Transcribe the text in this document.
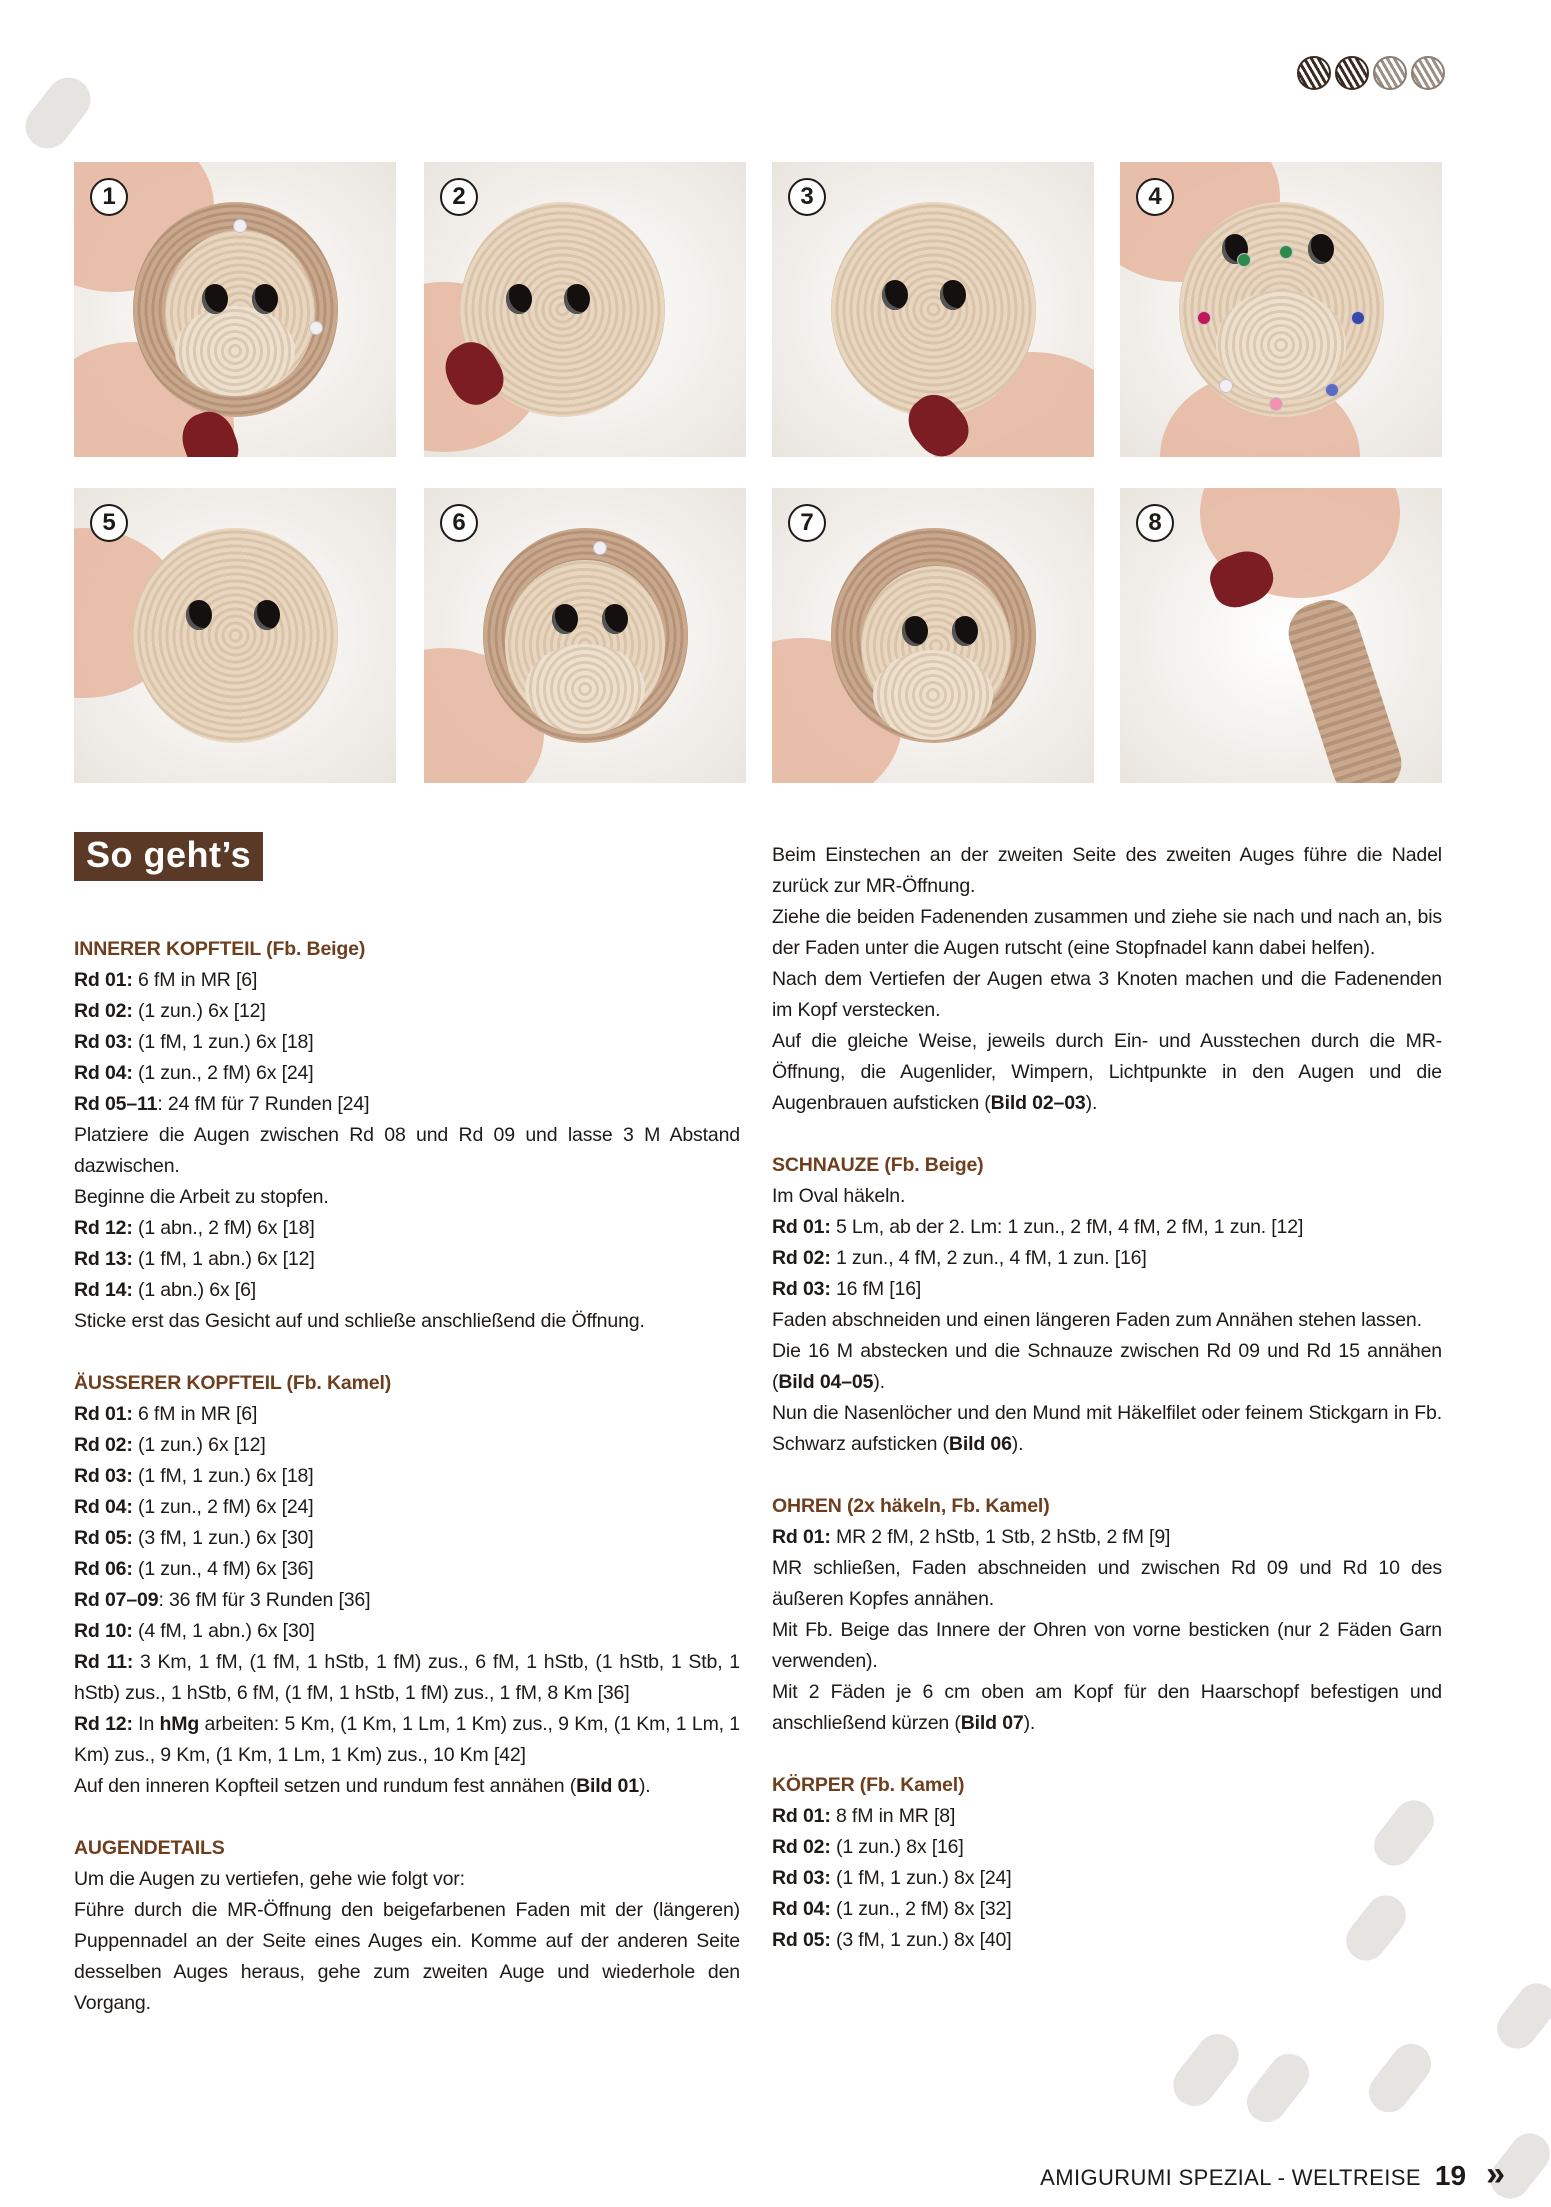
1	2	3	4
5	6	7	8
So geht’s

INNERER KOPFTEIL (Fb. Beige)

Rd 01: 6 fM in MR [6]

Rd 02: (1 zun.) 6x [12]

Rd 03: (1 fM, 1 zun.) 6x [18]

Rd 04: (1 zun., 2 fM) 6x [24]

Rd 05–11: 24 fM für 7 Runden [24]

Platziere die Augen zwischen Rd 08 und Rd 09 und lasse 3 M Abstand dazwischen.

Beginne die Arbeit zu stopfen.

Rd 12: (1 abn., 2 fM) 6x [18]

Rd 13: (1 fM, 1 abn.) 6x [12]

Rd 14: (1 abn.) 6x [6]

Sticke erst das Gesicht auf und schließe anschließend die Öffnung.

ÄUSSERER KOPFTEIL (Fb. Kamel)

Rd 01: 6 fM in MR [6]

Rd 02: (1 zun.) 6x [12]

Rd 03: (1 fM, 1 zun.) 6x [18]

Rd 04: (1 zun., 2 fM) 6x [24]

Rd 05: (3 fM, 1 zun.) 6x [30]

Rd 06: (1 zun., 4 fM) 6x [36]

Rd 07–09: 36 fM für 3 Runden [36]

Rd 10: (4 fM, 1 abn.) 6x [30]

Rd 11: 3 Km, 1 fM, (1 fM, 1 hStb, 1 fM) zus., 6 fM, 1 hStb, (1 hStb, 1 Stb, 1 hStb) zus., 1 hStb, 6 fM, (1 fM, 1 hStb, 1 fM) zus., 1 fM, 8 Km [36]

Rd 12: In hMg arbeiten: 5 Km, (1 Km, 1 Lm, 1 Km) zus., 9 Km, (1 Km, 1 Lm, 1 Km) zus., 9 Km, (1 Km, 1 Lm, 1 Km) zus., 10 Km [42]

Auf den inneren Kopfteil setzen und rundum fest annähen (Bild 01).

AUGENDETAILS

Um die Augen zu vertiefen, gehe wie folgt vor:

Führe durch die MR-Öffnung den beigefarbenen Faden mit der (längeren) Puppennadel an der Seite eines Auges ein. Komme auf der anderen Seite desselben Auges heraus, gehe zum zweiten Auge und wiederhole den Vorgang.

Beim Einstechen an der zweiten Seite des zweiten Auges führe die Nadel zurück zur MR-Öffnung.

Ziehe die beiden Fadenenden zusammen und ziehe sie nach und nach an, bis der Faden unter die Augen rutscht (eine Stopfnadel kann dabei helfen).

Nach dem Vertiefen der Augen etwa 3 Knoten machen und die Fadenenden im Kopf verstecken.

Auf die gleiche Weise, jeweils durch Ein- und Ausstechen durch die MR-Öffnung, die Augenlider, Wimpern, Lichtpunkte in den Augen und die Augenbrauen aufsticken (Bild 02–03).

SCHNAUZE (Fb. Beige)

Im Oval häkeln.

Rd 01: 5 Lm, ab der 2. Lm: 1 zun., 2 fM, 4 fM, 2 fM, 1 zun. [12]

Rd 02: 1 zun., 4 fM, 2 zun., 4 fM, 1 zun. [16]

Rd 03: 16 fM [16]

Faden abschneiden und einen längeren Faden zum Annähen stehen lassen.

Die 16 M abstecken und die Schnauze zwischen Rd 09 und Rd 15 annähen (Bild 04–05).

Nun die Nasenlöcher und den Mund mit Häkelfilet oder feinem Stickgarn in Fb. Schwarz aufsticken (Bild 06).

OHREN (2x häkeln, Fb. Kamel)

Rd 01: MR 2 fM, 2 hStb, 1 Stb, 2 hStb, 2 fM [9]

MR schließen, Faden abschneiden und zwischen Rd 09 und Rd 10 des äußeren Kopfes annähen.

Mit Fb. Beige das Innere der Ohren von vorne besticken (nur 2 Fäden Garn verwenden).

Mit 2 Fäden je 6 cm oben am Kopf für den Haarschopf befestigen und anschließend kürzen (Bild 07).

KÖRPER (Fb. Kamel)

Rd 01: 8 fM in MR [8]

Rd 02: (1 zun.) 8x [16]

Rd 03: (1 fM, 1 zun.) 8x [24]

Rd 04: (1 zun., 2 fM) 8x [32]

Rd 05: (3 fM, 1 zun.) 8x [40]

AMIGURUMI SPEZIAL - WELTREISE 19 »
